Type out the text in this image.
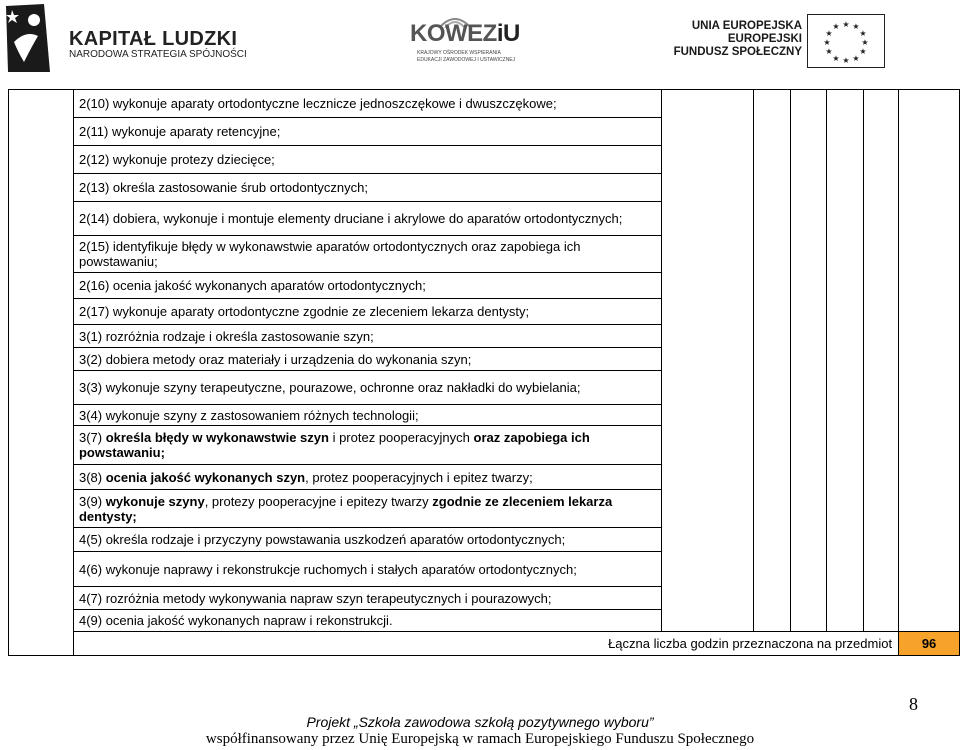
KAPITAŁ LUDZKI
NARODOWA STRATEGIA SPÓJNOŚCI
KOWEZiU
KRAJOWY OŚRODEK WSPIERANIA
EDUKACJI ZAWODOWEJ I USTAWICZNEJ
UNIA EUROPEJSKA
EUROPEJSKI
FUNDUSZ SPOŁECZNY
★ ★
★
★
★
★
★
★
★
★
★
★
	2(10) wykonuje aparaty ortodontyczne lecznicze jednoszczękowe i dwuszczękowe;						
	2(11) wykonuje aparaty retencyjne;						
	2(12) wykonuje protezy dziecięce;						
	2(13) określa zastosowanie śrub ortodontycznych;						
	2(14) dobiera, wykonuje i montuje elementy druciane i akrylowe do aparatów ortodontycznych;						
	2(15) identyfikuje błędy w wykonawstwie aparatów ortodontycznych oraz zapobiega ich powstawaniu;						
	2(16) ocenia jakość wykonanych aparatów ortodontycznych;						
	2(17) wykonuje aparaty ortodontyczne zgodnie ze zleceniem lekarza dentysty;						
	3(1) rozróżnia rodzaje i określa zastosowanie szyn;						
	3(2) dobiera metody oraz materiały i urządzenia do wykonania szyn;						
	3(3) wykonuje szyny terapeutyczne, pourazowe, ochronne oraz nakładki do wybielania;						
	3(4) wykonuje szyny z zastosowaniem różnych technologii;						
	3(7) określa błędy w wykonawstwie szyn i protez pooperacyjnych oraz zapobiega ich powstawaniu;						
	3(8) ocenia jakość wykonanych szyn, protez pooperacyjnych i epitez twarzy;						
	3(9) wykonuje szyny, protezy pooperacyjne i epitezy twarzy zgodnie ze zleceniem lekarza dentysty;						
	4(5) określa rodzaje i przyczyny powstawania uszkodzeń aparatów ortodontycznych;						
	4(6) wykonuje naprawy i rekonstrukcje ruchomych i stałych aparatów ortodontycznych;						
	4(7) rozróżnia metody wykonywania napraw szyn terapeutycznych i pourazowych;						
	4(9) ocenia jakość wykonanych napraw i rekonstrukcji.						
	Łączna liczba godzin przeznaczona na przedmiot						96
8
Projekt „Szkoła zawodowa szkołą pozytywnego wyboru”
współfinansowany przez Unię Europejską w ramach Europejskiego Funduszu Społecznego
